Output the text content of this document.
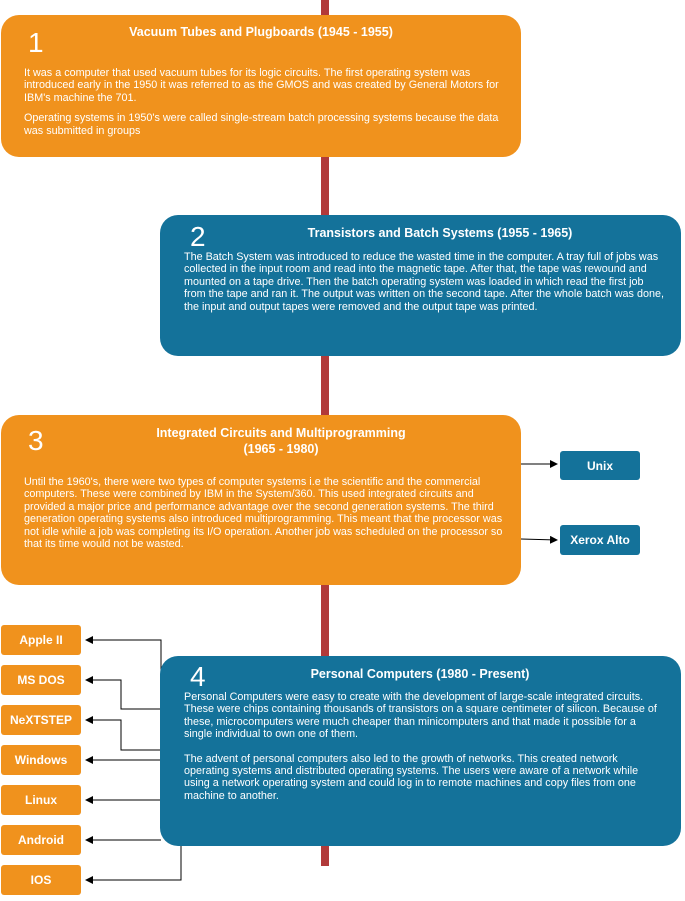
1	Vacuum Tubes and Plugboards (1945 - 1955)

It was a computer that used vacuum tubes for its logic circuits. The first operating system was introduced early in the 1950 it was referred to as the GMOS and was created by General Motors for IBM's machine the 701.

Operating systems in 1950's were called single-stream batch processing systems because the data was submitted in groups

2	Transistors and Batch Systems (1955 - 1965)

The Batch System was introduced to reduce the wasted time in the computer. A tray full of jobs was collected in the input room and read into the magnetic tape. After that, the tape was rewound and mounted on a tape drive. Then the batch operating system was loaded in which read the first job from the tape and ran it. The output was written on the second tape. After the whole batch was done, the input and output tapes were removed and the output tape was printed.

3	Integrated Circuits and Multiprogramming
(1965 - 1980)

Until the 1960's, there were two types of computer systems i.e the scientific and the commercial computers. These were combined by IBM in the System/360. This used integrated circuits and provided a major price and performance advantage over the second generation systems. The third generation operating systems also introduced multiprogramming. This meant that the processor was not idle while a job was completing its I/O operation. Another job was scheduled on the processor so that its time would not be wasted.

Unix
Xerox Alto
4	Personal Computers (1980 - Present)

Personal Computers were easy to create with the development of large-scale integrated circuits. These were chips containing thousands of transistors on a square centimeter of silicon. Because of these, microcomputers were much cheaper than minicomputers and that made it possible for a single individual to own one of them.

The advent of personal computers also led to the growth of networks. This created network operating systems and distributed operating systems. The users were aware of a network while using a network operating system and could log in to remote machines and copy files from one machine to another.

Apple II
MS DOS
NeXTSTEP
Windows
Linux
Android
IOS
